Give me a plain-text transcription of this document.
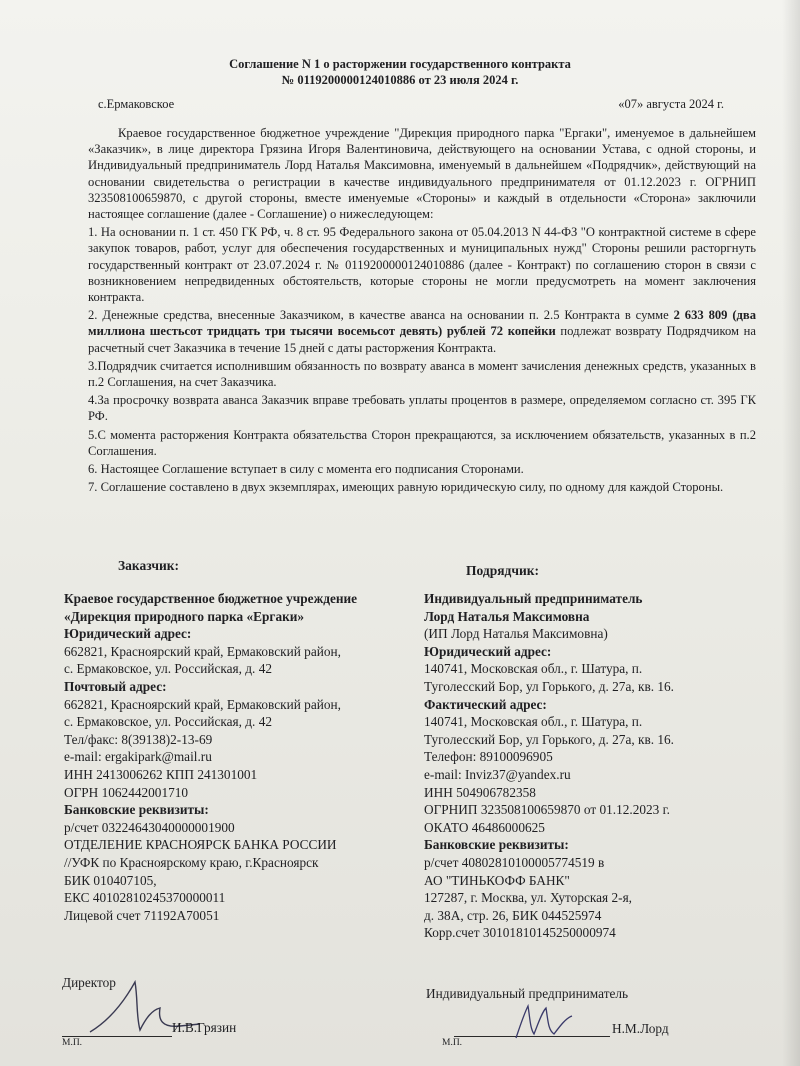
Соглашение N 1 о расторжении государственного контракта
№ 0119200000124010886 от 23 июля 2024 г.
с.Ермаковское	«07» августа 2024 г.

Краевое государственное бюджетное учреждение "Дирекция природного парка "Ергаки", именуемое в дальнейшем «Заказчик», в лице директора Грязина Игоря Валентиновича, действующего на основании Устава, с одной стороны, и Индивидуальный предприниматель Лорд Наталья Максимовна, именуемый в дальнейшем «Подрядчик», действующий на основании свидетельства о регистрации в качестве индивидуального предпринимателя от 01.12.2023 г. ОГРНИП 323508100659870, с другой стороны, вместе именуемые «Стороны» и каждый в отдельности «Сторона» заключили настоящее соглашение (далее - Соглашение) о нижеследующем:

1. На основании п. 1 ст. 450 ГК РФ, ч. 8 ст. 95 Федерального закона от 05.04.2013 N 44-ФЗ "О контрактной системе в сфере закупок товаров, работ, услуг для обеспечения государственных и муниципальных нужд" Стороны решили расторгнуть государственный контракт от 23.07.2024 г. № 0119200000124010886 (далее - Контракт) по соглашению сторон в связи с возникновением непредвиденных обстоятельств, которые стороны не могли предусмотреть на момент заключения контракта.

2. Денежные средства, внесенные Заказчиком, в качестве аванса на основании п. 2.5 Контракта в сумме 2 633 809 (два миллиона шестьсот тридцать три тысячи восемьсот девять) рублей 72 копейки подлежат возврату Подрядчиком на расчетный счет Заказчика в течение 15 дней с даты расторжения Контракта.

3.Подрядчик считается исполнившим обязанность по возврату аванса в момент зачисления денежных средств, указанных в п.2 Соглашения, на счет Заказчика.

4.За просрочку возврата аванса Заказчик вправе требовать уплаты процентов в размере, определяемом согласно ст. 395 ГК РФ.

5.С момента расторжения Контракта обязательства Сторон прекращаются, за исключением обязательств, указанных в п.2 Соглашения.

6. Настоящее Соглашение вступает в силу с момента его подписания Сторонами.

7. Соглашение составлено в двух экземплярах, имеющих равную юридическую силу, по одному для каждой Стороны.

Заказчик:	Подрядчик:
Краевое государственное бюджетное учреждение
«Дирекция природного парка «Ергаки»
Юридический адрес:
662821, Красноярский край, Ермаковский район,
с. Ермаковское, ул. Российская, д. 42
Почтовый адрес:
662821, Красноярский край, Ермаковский район,
с. Ермаковское, ул. Российская, д. 42
Тел/факс: 8(39138)2-13-69
e-mail: ergakipark@mail.ru
ИНН 2413006262 КПП 241301001
ОГРН 1062442001710
Банковские реквизиты:
р/счет 03224643040000001900
ОТДЕЛЕНИЕ КРАСНОЯРСК БАНКА РОССИИ
//УФК по Красноярскому краю, г.Красноярск
БИК 010407105,
ЕКС 40102810245370000011
Лицевой счет 71192А70051
Индивидуальный предприниматель
Лорд Наталья Максимовна
(ИП Лорд Наталья Максимовна)
Юридический адрес:
140741, Московская обл., г. Шатура, п.
Туголесский Бор, ул Горького, д. 27а, кв. 16.
Фактический адрес:
140741, Московская обл., г. Шатура, п.
Туголесский Бор, ул Горького, д. 27а, кв. 16.
Телефон: 89100096905
e-mail: Inviz37@yandex.ru
ИНН 504906782358
ОГРНИП 323508100659870 от 01.12.2023 г.
ОКАТО 46486000625
Банковские реквизиты:
р/счет 40802810100005774519 в
АО "ТИНЬКОФФ БАНК"
127287, г. Москва, ул. Хуторская 2-я,
д. 38А, стр. 26, БИК 044525974
Корр.счет 30101810145250000974
Директор
И.В.Грязин
М.П.
Индивидуальный предприниматель
Н.М.Лорд
М.П.
